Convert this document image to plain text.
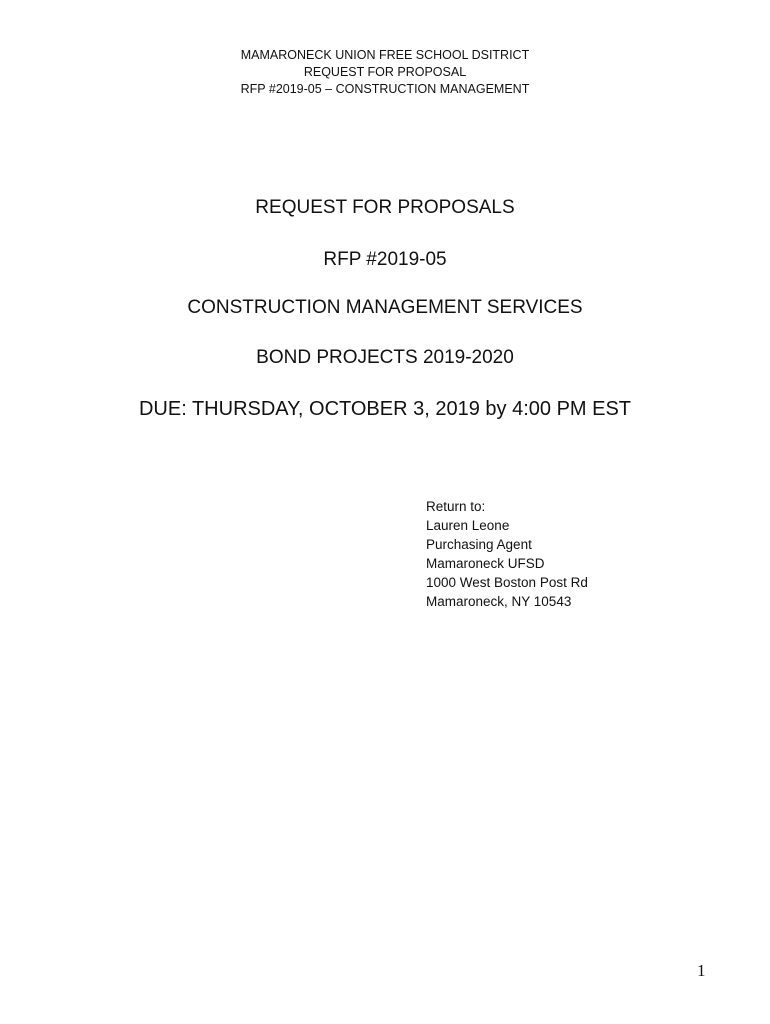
MAMARONECK UNION FREE SCHOOL DSITRICT
REQUEST FOR PROPOSAL
RFP #2019-05 – CONSTRUCTION MANAGEMENT
REQUEST FOR PROPOSALS
RFP #2019-05
CONSTRUCTION MANAGEMENT SERVICES
BOND PROJECTS 2019-2020
DUE: THURSDAY, OCTOBER 3, 2019 by 4:00 PM EST
Return to:
Lauren Leone
Purchasing Agent
Mamaroneck UFSD
1000 West Boston Post Rd
Mamaroneck, NY 10543
1
